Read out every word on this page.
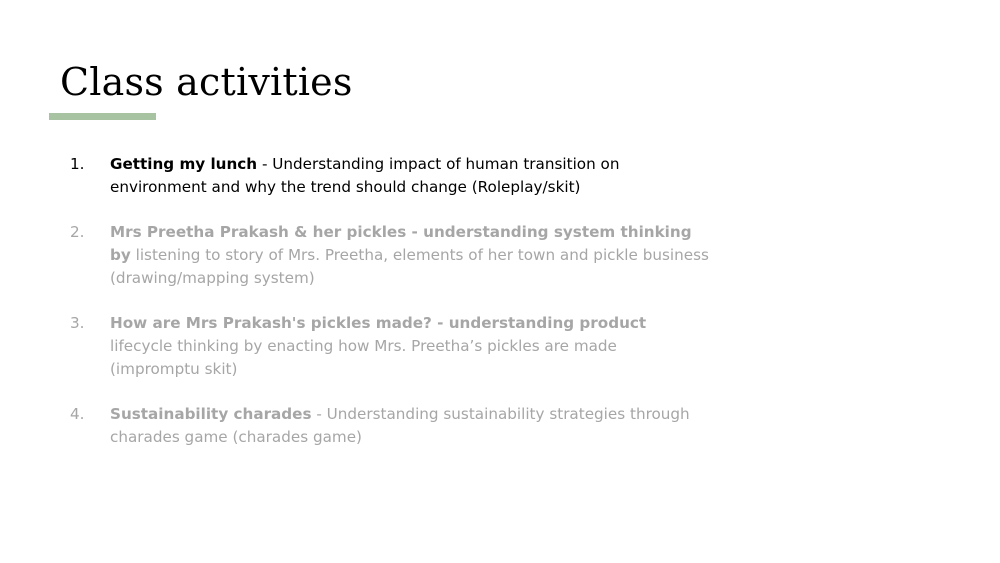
Class activities
1. Getting my lunch - Understanding impact of human transition on environment and why the trend should change (Roleplay/skit)
2. Mrs Preetha Prakash & her pickles - understanding system thinking by listening to story of Mrs. Preetha, elements of her town and pickle business (drawing/mapping system)
3. How are Mrs Prakash's pickles made? - understanding product lifecycle thinking by enacting how Mrs. Preetha’s pickles are made (impromptu skit)
4. Sustainability charades - Understanding sustainability strategies through charades game (charades game)
